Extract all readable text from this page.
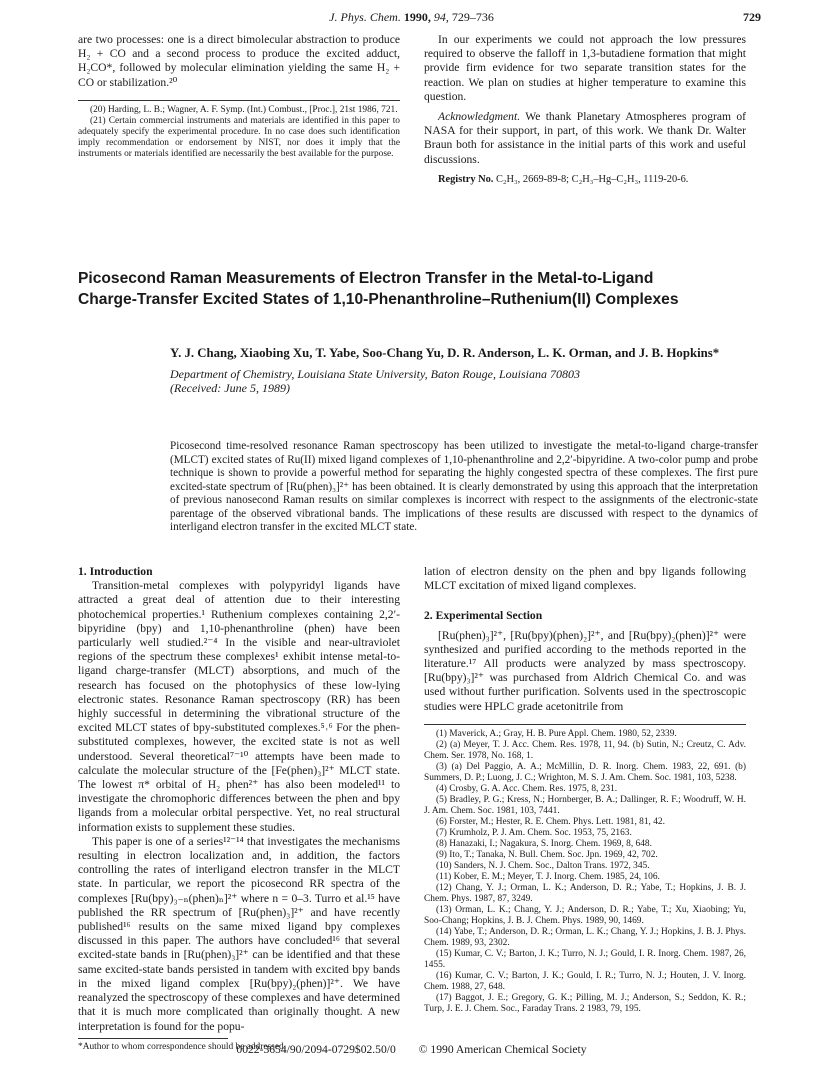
J. Phys. Chem. 1990, 94, 729–736	729

are two processes: one is a direct bimolecular abstraction to produce H₂ + CO and a second process to produce the excited adduct, H₂CO*, followed by molecular elimination yielding the same H₂ + CO or stabilization.²⁰

(20) Harding, L. B.; Wagner, A. F. Symp. (Int.) Combust., [Proc.], 21st 1986, 721.

(21) Certain commercial instruments and materials are identified in this paper to adequately specify the experimental procedure. In no case does such identification imply recommendation or endorsement by NIST, nor does it imply that the instruments or materials identified are necessarily the best available for the purpose.

In our experiments we could not approach the low pressures required to observe the falloff in 1,3-butadiene formation that might provide firm evidence for two separate transition states for the reaction. We plan on studies at higher temperature to examine this question.

Acknowledgment. We thank Planetary Atmospheres program of NASA for their support, in part, of this work. We thank Dr. Walter Braun both for assistance in the initial parts of this work and useful discussions.

Registry No. C₂H₃, 2669-89-8; C₂H₃–Hg–C₂H₃, 1119-20-6.

Picosecond Raman Measurements of Electron Transfer in the Metal-to-Ligand
Charge-Transfer Excited States of 1,10-Phenanthroline–Ruthenium(II) Complexes
Y. J. Chang, Xiaobing Xu, T. Yabe, Soo-Chang Yu, D. R. Anderson, L. K. Orman, and J. B. Hopkins*
Department of Chemistry, Louisiana State University, Baton Rouge, Louisiana 70803
(Received: June 5, 1989)
Picosecond time-resolved resonance Raman spectroscopy has been utilized to investigate the metal-to-ligand charge-transfer (MLCT) excited states of Ru(II) mixed ligand complexes of 1,10-phenanthroline and 2,2′-bipyridine. A two-color pump and probe technique is shown to provide a powerful method for separating the highly congested spectra of these complexes. The first pure excited-state spectrum of [Ru(phen)₃]²⁺ has been obtained. It is clearly demonstrated by using this approach that the interpretation of previous nanosecond Raman results on similar complexes is incorrect with respect to the assignments of the electronic-state parentage of the observed vibrational bands. The implications of these results are discussed with respect to the dynamics of interligand electron transfer in the excited MLCT state.

1. Introduction

Transition-metal complexes with polypyridyl ligands have attracted a great deal of attention due to their interesting photochemical properties.¹ Ruthenium complexes containing 2,2′-bipyridine (bpy) and 1,10-phenanthroline (phen) have been particularly well studied.²⁻⁴ In the visible and near-ultraviolet regions of the spectrum these complexes¹ exhibit intense metal-to-ligand charge-transfer (MLCT) absorptions, and much of the research has focused on the photophysics of these low-lying electronic states. Resonance Raman spectroscopy (RR) has been highly successful in determining the vibrational structure of the excited MLCT states of bpy-substituted complexes.⁵˒⁶ For the phen-substituted complexes, however, the excited state is not as well understood. Several theoretical⁷⁻¹⁰ attempts have been made to calculate the molecular structure of the [Fe(phen)₃]²⁺ MLCT state. The lowest π* orbital of H₂ phen²⁺ has also been modeled¹¹ to investigate the chromophoric differences between the phen and bpy ligands from a molecular orbital perspective. Yet, no real structural information exists to supplement these studies.

This paper is one of a series¹²⁻¹⁴ that investigates the mechanisms resulting in electron localization and, in addition, the factors controlling the rates of interligand electron transfer in the MLCT state. In particular, we report the picosecond RR spectra of the complexes [Ru(bpy)₃₋ₙ(phen)ₙ]²⁺ where n = 0–3. Turro et al.¹⁵ have published the RR spectrum of [Ru(phen)₃]²⁺ and have recently published¹⁶ results on the same mixed ligand bpy complexes discussed in this paper. The authors have concluded¹⁶ that several excited-state bands in [Ru(phen)₃]²⁺ can be identified and that these same excited-state bands persisted in tandem with excited bpy bands in the mixed ligand complex [Ru(bpy)₂(phen)]²⁺. We have reanalyzed the spectroscopy of these complexes and have determined that it is much more complicated than originally thought. A new interpretation is found for the popu-

*Author to whom correspondence should be addressed.

lation of electron density on the phen and bpy ligands following MLCT excitation of mixed ligand complexes.

2. Experimental Section

[Ru(phen)₃]²⁺, [Ru(bpy)(phen)₂]²⁺, and [Ru(bpy)₂(phen)]²⁺ were synthesized and purified according to the methods reported in the literature.¹⁷ All products were analyzed by mass spectroscopy. [Ru(bpy)₃]²⁺ was purchased from Aldrich Chemical Co. and was used without further purification. Solvents used in the spectroscopic studies were HPLC grade acetonitrile from

(1) Maverick, A.; Gray, H. B. Pure Appl. Chem. 1980, 52, 2339.

(2) (a) Meyer, T. J. Acc. Chem. Res. 1978, 11, 94. (b) Sutin, N.; Creutz, C. Adv. Chem. Ser. 1978, No. 168, 1.

(3) (a) Del Paggio, A. A.; McMillin, D. R. Inorg. Chem. 1983, 22, 691. (b) Summers, D. P.; Luong, J. C.; Wrighton, M. S. J. Am. Chem. Soc. 1981, 103, 5238.

(4) Crosby, G. A. Acc. Chem. Res. 1975, 8, 231.

(5) Bradley, P. G.; Kress, N.; Hornberger, B. A.; Dallinger, R. F.; Woodruff, W. H. J. Am. Chem. Soc. 1981, 103, 7441.

(6) Forster, M.; Hester, R. E. Chem. Phys. Lett. 1981, 81, 42.

(7) Krumholz, P. J. Am. Chem. Soc. 1953, 75, 2163.

(8) Hanazaki, I.; Nagakura, S. Inorg. Chem. 1969, 8, 648.

(9) Ito, T.; Tanaka, N. Bull. Chem. Soc. Jpn. 1969, 42, 702.

(10) Sanders, N. J. Chem. Soc., Dalton Trans. 1972, 345.

(11) Kober, E. M.; Meyer, T. J. Inorg. Chem. 1985, 24, 106.

(12) Chang, Y. J.; Orman, L. K.; Anderson, D. R.; Yabe, T.; Hopkins, J. B. J. Chem. Phys. 1987, 87, 3249.

(13) Orman, L. K.; Chang, Y. J.; Anderson, D. R.; Yabe, T.; Xu, Xiaobing; Yu, Soo-Chang; Hopkins, J. B. J. Chem. Phys. 1989, 90, 1469.

(14) Yabe, T.; Anderson, D. R.; Orman, L. K.; Chang, Y. J.; Hopkins, J. B. J. Phys. Chem. 1989, 93, 2302.

(15) Kumar, C. V.; Barton, J. K.; Turro, N. J.; Gould, I. R. Inorg. Chem. 1987, 26, 1455.

(16) Kumar, C. V.; Barton, J. K.; Gould, I. R.; Turro, N. J.; Houten, J. V. Inorg. Chem. 1988, 27, 648.

(17) Baggot, J. E.; Gregory, G. K.; Pilling, M. J.; Anderson, S.; Seddon, K. R.; Turp, J. E. J. Chem. Soc., Faraday Trans. 2 1983, 79, 195.

0022-3654/90/2094-0729$02.50/0 © 1990 American Chemical Society
